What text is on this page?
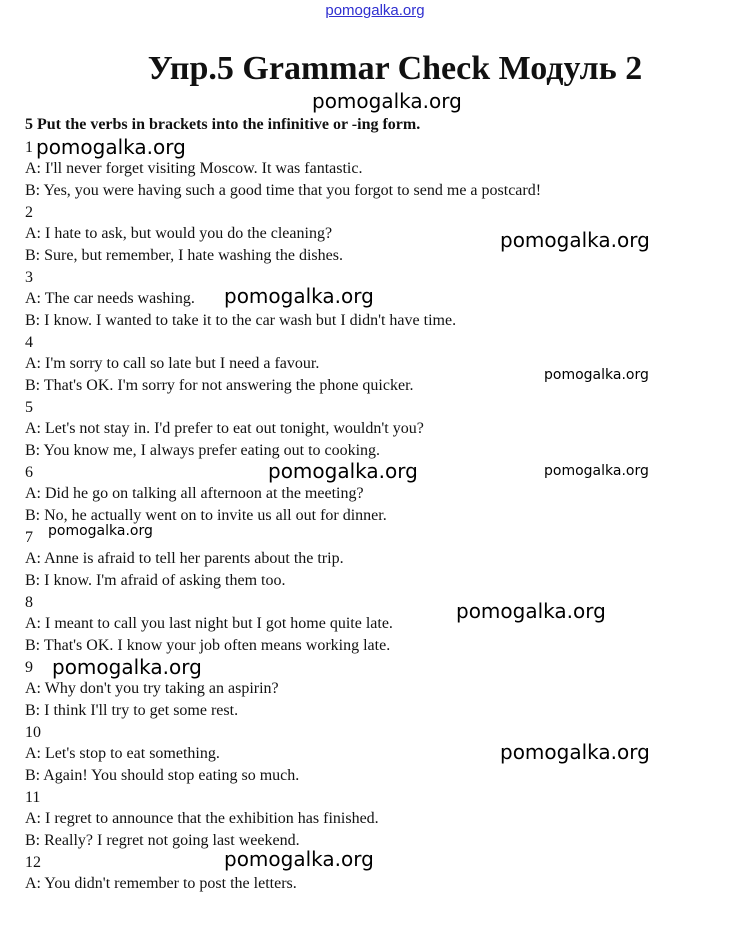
pomogalka.org
Упр.5 Grammar Check Модуль 2
5 Put the verbs in brackets into the infinitive or -ing form.
1
A: I'll never forget visiting Moscow. It was fantastic.
B: Yes, you were having such a good time that you forgot to send me a postcard!
2
A: I hate to ask, but would you do the cleaning?
B: Sure, but remember, I hate washing the dishes.
3
A: The car needs washing.
B: I know. I wanted to take it to the car wash but I didn't have time.
4
A: I'm sorry to call so late but I need a favour.
B: That's OK. I'm sorry for not answering the phone quicker.
5
A: Let's not stay in. I'd prefer to eat out tonight, wouldn't you?
B: You know me, I always prefer eating out to cooking.
6
A: Did he go on talking all afternoon at the meeting?
B: No, he actually went on to invite us all out for dinner.
7
A: Anne is afraid to tell her parents about the trip.
B: I know. I'm afraid of asking them too.
8
A: I meant to call you last night but I got home quite late.
B: That's OK. I know your job often means working late.
9
A: Why don't you try taking an aspirin?
B: I think I'll try to get some rest.
10
A: Let's stop to eat something.
B: Again! You should stop eating so much.
11
A: I regret to announce that the exhibition has finished.
B: Really? I regret not going last weekend.
12
A: You didn't remember to post the letters.
pomogalka.org
pomogalka.org
pomogalka.org
pomogalka.org
pomogalka.org
pomogalka.org	pomogalka.org
pomogalka.org
pomogalka.org
pomogalka.org
pomogalka.org
pomogalka.org
